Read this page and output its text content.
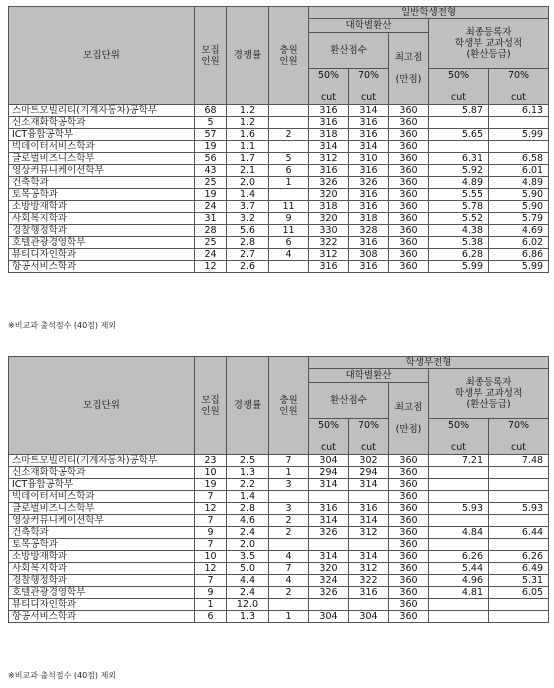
모집단위	모집
인원	경쟁률	충원
인원	일반학생전형				
				대학별환산			최종등록자
학생부 교과성적
(환산등급)	
				환산점수		최고점

(만점)		
				50%

cut	70%

cut		50%

cut	70%

cut
스마트모빌리티(기계자동차)공학부	68	1.2		316	314	360	5.87	6.13
신소재화학공학과	5	1.2		316	316	360		
ICT융합공학부	57	1.6	2	318	316	360	5.65	5.99
빅데이터서비스학과	19	1.1		314	314	360		
글로벌비즈니스학부	56	1.7	5	312	310	360	6.31	6.58
영상커뮤니케이션학부	43	2.1	6	316	316	360	5.92	6.01
건축학과	25	2.0	1	326	326	360	4.89	4.89
토목공학과	19	1.4		320	316	360	5.55	5.90
소방방재학과	24	3.7	11	318	316	360	5.78	5.90
사회복지학과	31	3.2	9	320	318	360	5.52	5.79
경찰행정학과	28	5.6	11	330	328	360	4.38	4.69
호텔관광경영학부	25	2.8	6	322	316	360	5.38	6.02
뷰티디자인학과	24	2.7	4	312	308	360	6.28	6.86
항공서비스학과	12	2.6		316	316	360	5.99	5.99
※비교과 출석점수 (40점) 제외
모집단위	모집
인원	경쟁률	충원
인원	학생부전형				
				대학별환산			최종등록자
학생부 교과성적
(환산등급)	
				환산점수		최고점

(만점)		
				50%

cut	70%

cut		50%

cut	70%

cut
스마트모빌리티(기계자동차)공학부	23	2.5	7	304	302	360	7.21	7.48
신소재화학공학과	10	1.3	1	294	294	360		
ICT융합공학부	19	2.2	3	314	314	360		
빅데이터서비스학과	7	1.4				360		
글로벌비즈니스학부	12	2.8	3	316	316	360	5.93	5.93
영상커뮤니케이션학부	7	4.6	2	314	314	360		
건축학과	9	2.4	2	326	312	360	4.84	6.44
토목공학과	7	2.0				360		
소방방재학과	10	3.5	4	314	314	360	6.26	6.26
사회복지학과	12	5.0	7	320	312	360	5.44	6.49
경찰행정학과	7	4.4	4	324	322	360	4.96	5.31
호텔관광경영학부	9	2.4	2	326	316	360	4.81	6.05
뷰티디자인학과	1	12.0				360		
항공서비스학과	6	1.3	1	304	304	360		
※비교과 출석점수 (40점) 제외
